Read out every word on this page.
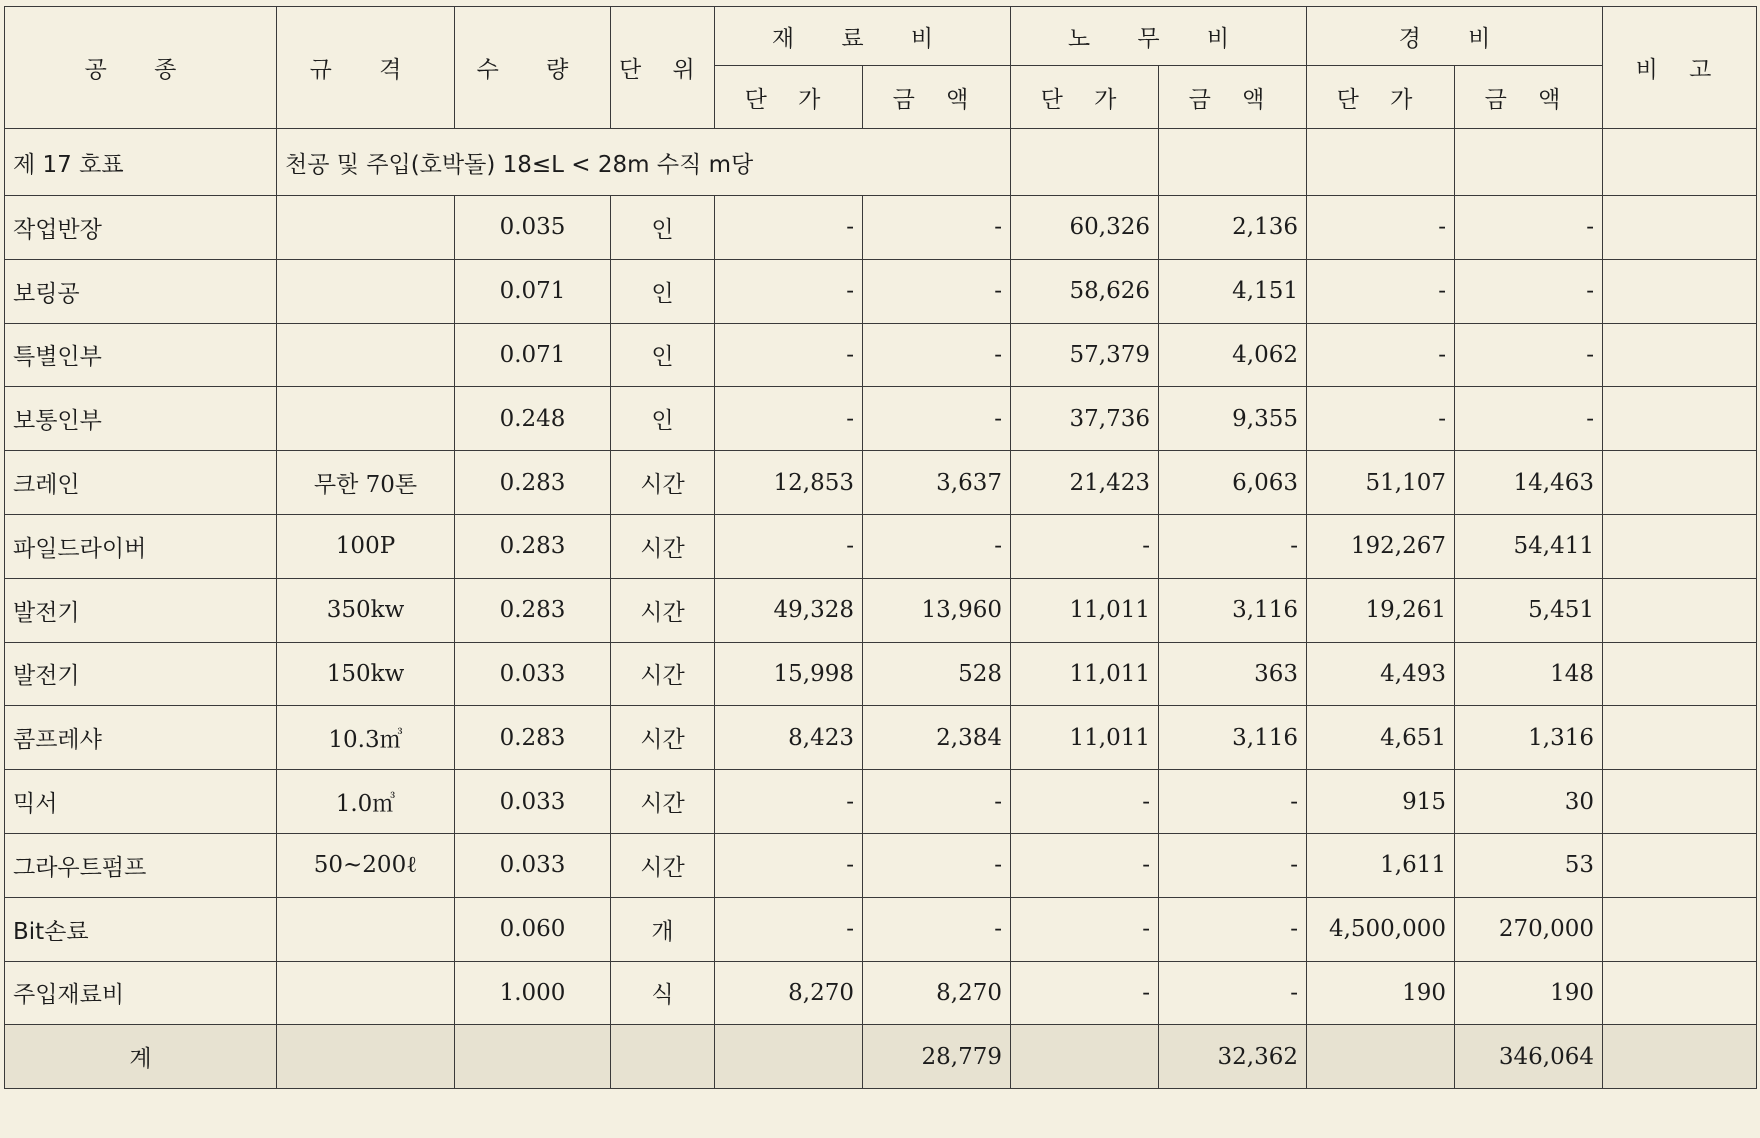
공 종	규 격	수 량	단 위	재 료 비		노 무 비		경 비		비 고
				단 가	금 액	단 가	금 액	단 가	금 액	
제 17 호표	천공 및 주입(호박돌) 18≤L < 28m 수직 m당									
작업반장		0.035	인	-	-	60,326	2,136	-	-	
보링공		0.071	인	-	-	58,626	4,151	-	-	
특별인부		0.071	인	-	-	57,379	4,062	-	-	
보통인부		0.248	인	-	-	37,736	9,355	-	-	
크레인	무한 70톤	0.283	시간	12,853	3,637	21,423	6,063	51,107	14,463	
파일드라이버	100P	0.283	시간	-	-	-	-	192,267	54,411	
발전기	350kw	0.283	시간	49,328	13,960	11,011	3,116	19,261	5,451	
발전기	150kw	0.033	시간	15,998	528	11,011	363	4,493	148	
콤프레샤	10.3㎥	0.283	시간	8,423	2,384	11,011	3,116	4,651	1,316	
믹서	1.0㎥	0.033	시간	-	-	-	-	915	30	
그라우트펌프	50~200ℓ	0.033	시간	-	-	-	-	1,611	53	
Bit손료		0.060	개	-	-	-	-	4,500,000	270,000	
주입재료비		1.000	식	8,270	8,270	-	-	190	190	
계					28,779		32,362		346,064	
